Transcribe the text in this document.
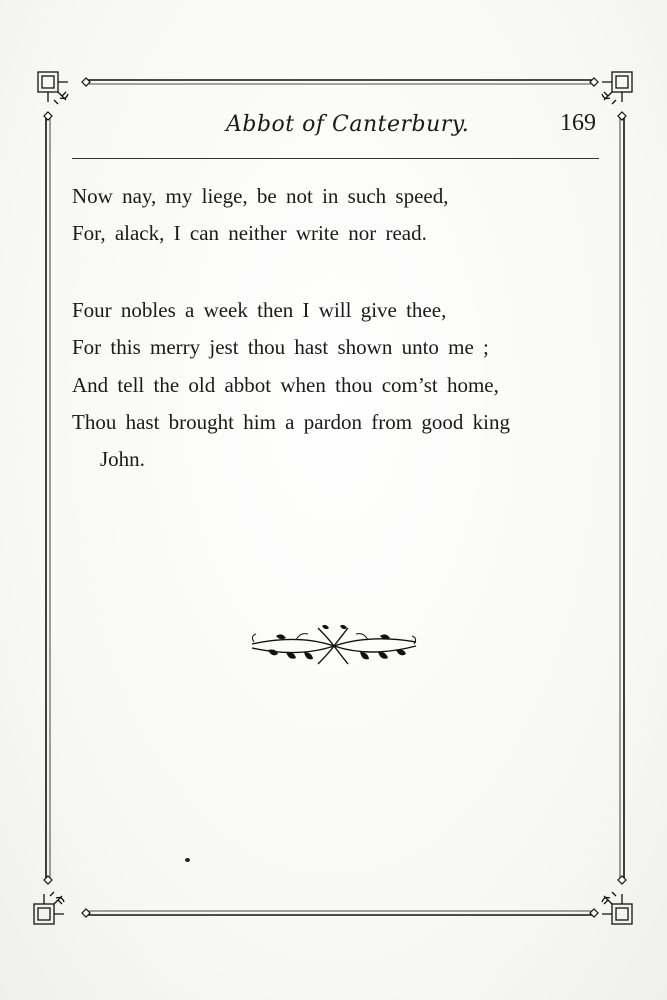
Abbot of Canterbury.	169
Now nay, my liege, be not in such speed,
For, alack, I can neither write nor read.
Four nobles a week then I will give thee,
For this merry jest thou hast shown unto me ;
And tell the old abbot when thou com’st home,
Thou hast brought him a pardon from good king
John.
